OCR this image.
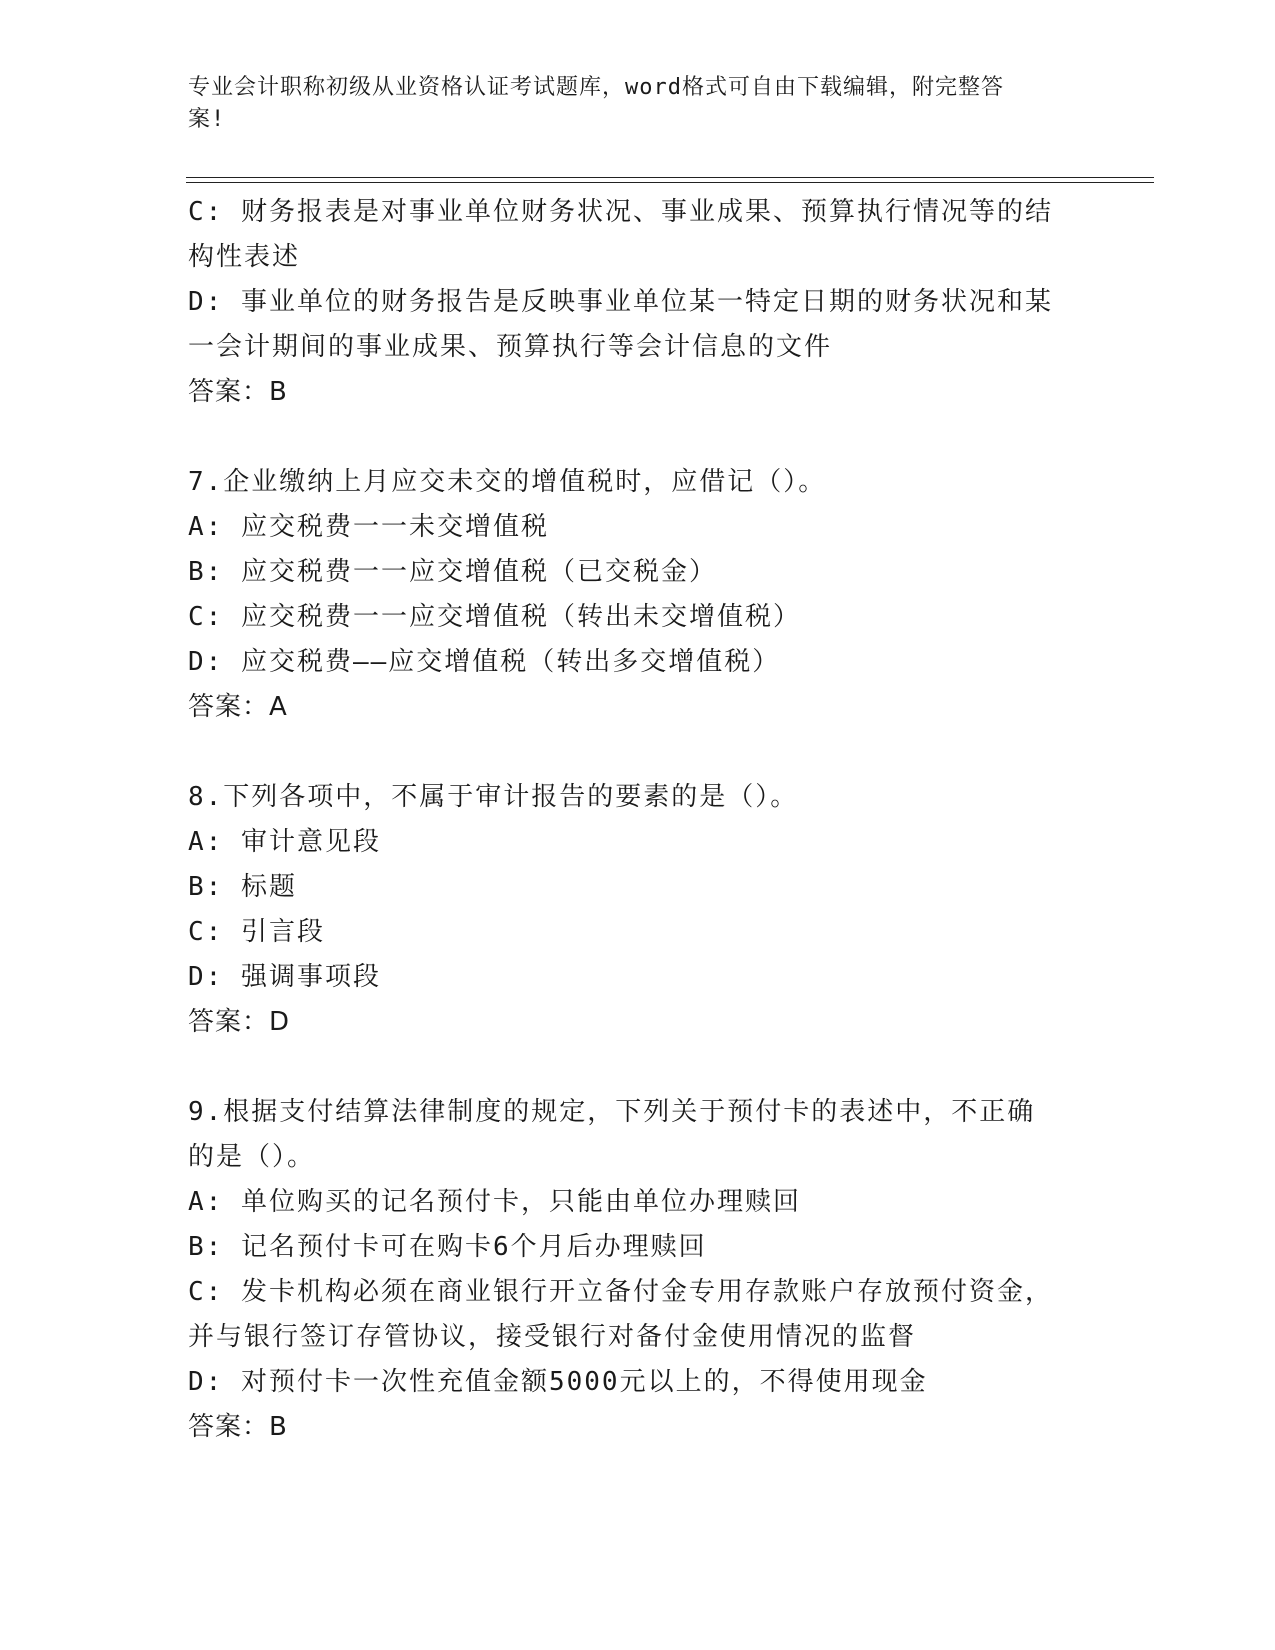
专业会计职称初级从业资格认证考试题库，word格式可自由下载编辑，附完整答
案!
C: 财务报表是对事业单位财务状况、事业成果、预算执行情况等的结
构性表述
D: 事业单位的财务报告是反映事业单位某一特定日期的财务状况和某
一会计期间的事业成果、预算执行等会计信息的文件
答案：B
7.企业缴纳上月应交未交的增值税时，应借记（）。
A: 应交税费一一未交增值税
B: 应交税费一一应交增值税（已交税金）
C: 应交税费一一应交增值税（转出未交增值税）
D: 应交税费——应交增值税（转出多交增值税）
答案：A
8.下列各项中，不属于审计报告的要素的是（）。
A: 审计意见段
B: 标题
C: 引言段
D: 强调事项段
答案：D
9.根据支付结算法律制度的规定，下列关于预付卡的表述中，不正确
的是（）。
A: 单位购买的记名预付卡，只能由单位办理赎回
B: 记名预付卡可在购卡6个月后办理赎回
C: 发卡机构必须在商业银行开立备付金专用存款账户存放预付资金，
并与银行签订存管协议，接受银行对备付金使用情况的监督
D: 对预付卡一次性充值金额5000元以上的，不得使用现金
答案：B
